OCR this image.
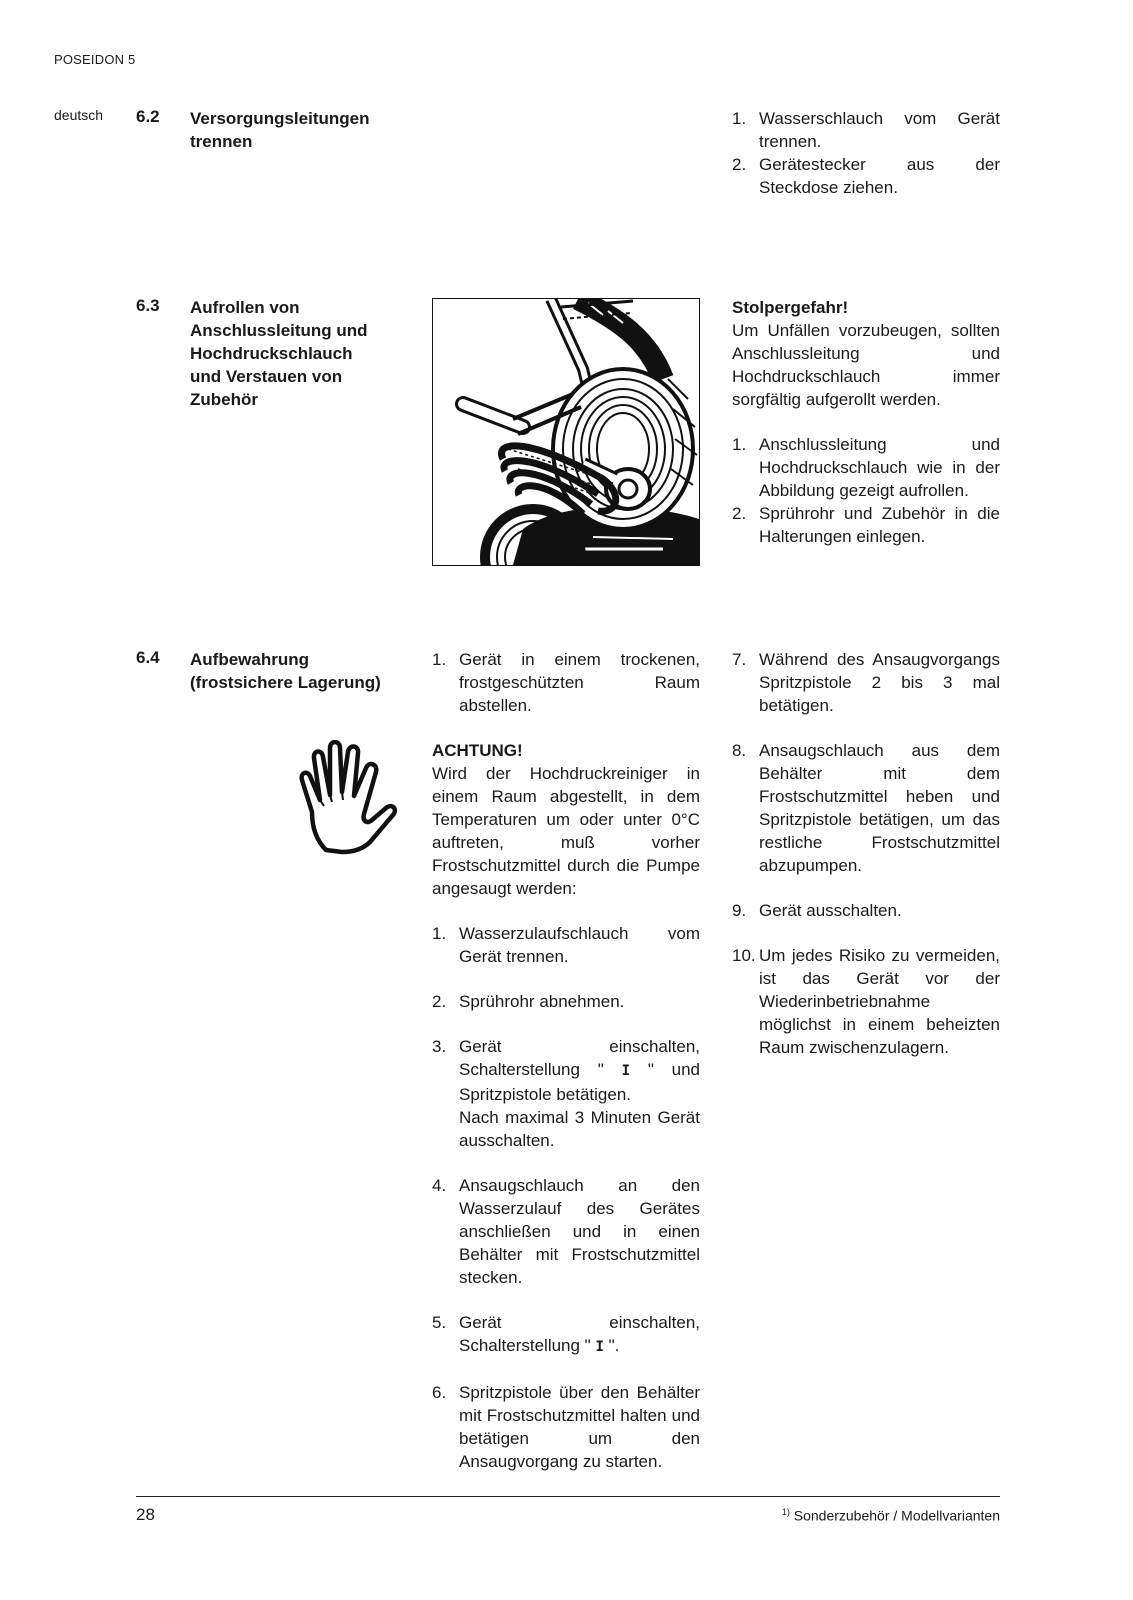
POSEIDON 5
deutsch 6.2 Versorgungsleitungen
trennen
1. Wasserschlauch vom Gerät trennen.
2. Gerätestecker aus der Steckdose ziehen.
6.3 Aufrollen von
Anschlussleitung und
Hochdruckschlauch
und Verstauen von
Zubehör
Stolpergefahr!
Um Unfällen vorzubeugen, sollten Anschlussleitung und Hochdruckschlauch immer sorgfältig aufgerollt werden.
1. Anschlussleitung und Hochdruckschlauch wie in der Abbildung gezeigt aufrollen.
2. Sprührohr und Zubehör in die Halterungen einlegen.
6.4 Aufbewahrung
(frostsichere Lagerung)
1. Gerät in einem trockenen, frostgeschützten Raum abstellen.
ACHTUNG!
Wird der Hochdruckreiniger in einem Raum abgestellt, in dem Temperaturen um oder unter 0°C auftreten, muß vorher Frostschutzmittel durch die Pumpe angesaugt werden:
1. Wasserzulaufschlauch vom Gerät trennen.
2. Sprührohr abnehmen.
3. Gerät einschalten, Schalterstellung " I " und Spritzpistole betätigen.
Nach maximal 3 Minuten Gerät ausschalten.
4. Ansaugschlauch an den Wasserzulauf des Gerätes anschließen und in einen Behälter mit Frostschutzmittel stecken.
5. Gerät einschalten, Schalterstellung " I ".
6. Spritzpistole über den Behälter mit Frostschutzmittel halten und betätigen um den Ansaugvorgang zu starten.
7. Während des Ansaugvorgangs Spritzpistole 2 bis 3 mal betätigen.
8. Ansaugschlauch aus dem Behälter mit dem Frostschutzmittel heben und Spritzpistole betätigen, um das restliche Frostschutzmittel abzupumpen.
9. Gerät ausschalten.
10. Um jedes Risiko zu vermeiden, ist das Gerät vor der Wiederinbetriebnahme möglichst in einem beheizten Raum zwischenzulagern.
28	$^{1)}$ Sonderzubehör / Modellvarianten
